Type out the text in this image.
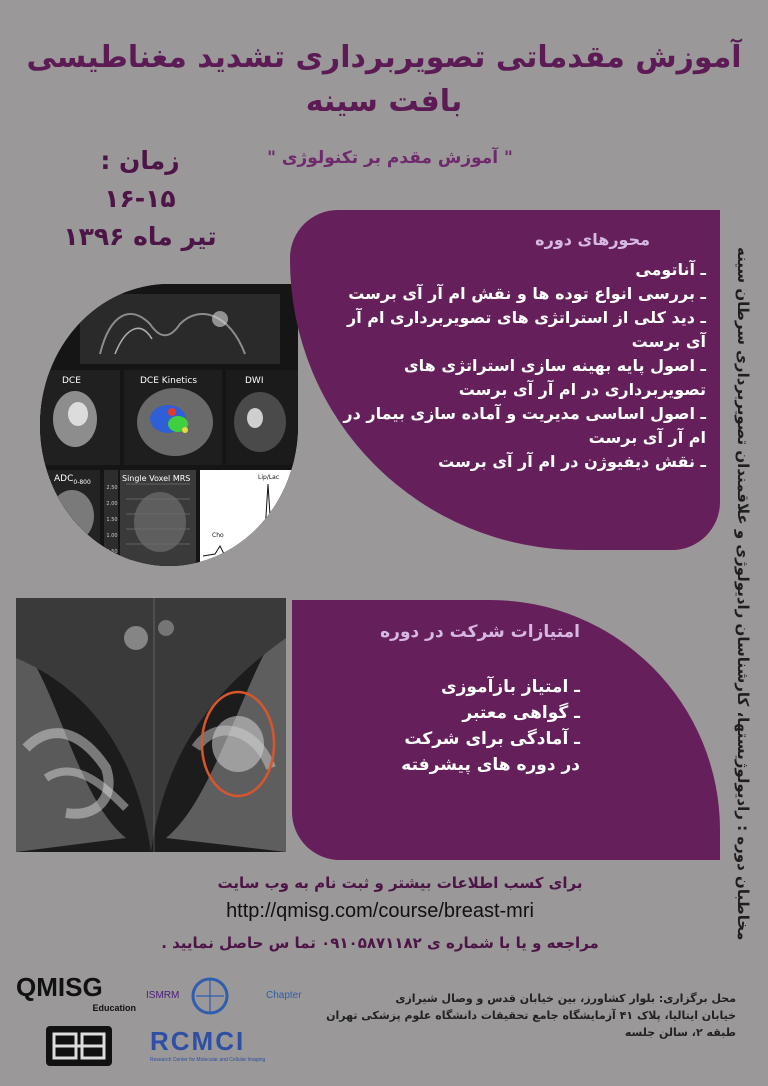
آموزش مقدماتی تصویربرداری تشدید مغناطیسی
بافت سینه
" آموزش مقدم بر تکنولوژی "
زمان :
۱۶-۱۵
تیر ماه ۱۳۹۶
DCE	DCE Kinetics	DWI
$ADC_{0-800}$	Single Voxel MRS
Cho
Lip/Lac
2.50
2.00
1.50
1.00
0.50
محورهای دوره
ـ آناتومی
ـ بررسی انواع توده ها و نقش ام آر آی برست
ـ دید کلی از استراتژی های تصویربرداری ام آر آی برست
ـ اصول پایه بهینه سازی استراتژی های تصویربرداری در ام آر آی برست
ـ اصول اساسی مدیریت و آماده سازی بیمار در ام آر آی برست
ـ نقش دیفیوژن در ام آر آی برست
امتیازات شرکت در دوره
ـ امتیاز بازآموزی
ـ گواهی معتبر
ـ آمادگی برای شرکت در دوره های پیشرفته	مخاطبان دوره : رادیولوژیستها، کارشناسان رادیولوژی و علاقمندان تصویربرداری سرطان سینه
برای کسب اطلاعات بیشتر و ثبت نام به وب سایت
http://qmisg.com/course/breast-mri
مراجعه و یا با شماره ی ۰۹۱۰۵۸۷۱۱۸۲ تما س حاصل نمایید .
QMISG
Education
ISMRM	Chapter
RCMCI
Research Center for Molecular and Cellular Imaging
محل برگزاری: بلوار کشاورز، بین خیابان قدس و وصال شیرازی
خیابان ایتالیا، پلاک ۴۱ آزمایشگاه جامع تحقیقات دانشگاه علوم پزشکی تهران
طبقه ۲، سالن جلسه
